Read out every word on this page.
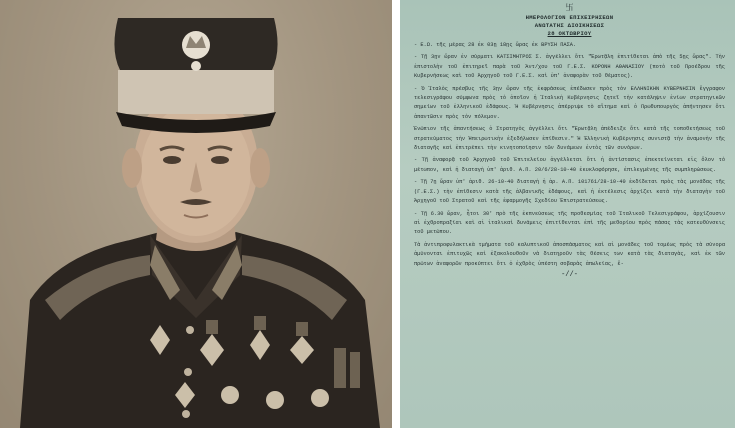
卐
ΗΜΕΡΟΛΟΓΙΟΝ ΕΠΙΧΕΙΡΗΣΕΩΝ
ΑΝΩΤΑΤΗΣ ΔΙΟΙΚΗΣΕΩΣ
28 ΟΚΤΩΒΡΙΟΥ

- Ε.Ω. τῆς μέρας 28 ἐκ 03ῃ 18ῃς ὥρας ἐκ ΒΡΥΣΗ ΠΑΣΑ.

- Τῇ 3ῃν ὥραν ἐν σύρματι ΚΑΤΣΙΜΗΤΡΟΣ Σ. ἀγγέλλει ὅτι "Ἐρωτᾷλη ἐπιτίθεται ἀπὸ τῆς 5ῃς ὥρας". Τὴν ἐπιστολὴν τοῦ ἐπιτηρεῖ παρὰ τοῦ Ἀντ/χου τοῦ Γ.Ε.Σ. ΚΟΡΟΝΗ ΑΘΑΝΑΣΙΟΥ (ποτὸ τοῦ Προέδρου τῆς Κυβερνήσεως καὶ τοῦ Ἀρχηγοῦ τοῦ Γ.Ε.Σ. καὶ ὑπ' ἀναφορὰν τοῦ θέματος).

- Ὁ Ἰταλὸς πρέσβυς τῆς 3ῃν ὥραν τῆς ἐκφράσεως ἐπέδωσεν πρὸς τὸν ΕΛΛΗΝΙΚΗΝ ΚΥΒΕΡΝΗΣΙΝ ἔγγραφον τελεσιγράφου σύμφωνα πρὸς τὸ ὁποῖον ἡ Ἰταλικὴ Κυβέρνησις ζητεῖ τὴν κατάληψιν ἐνίων στρατηγικῶν σημείων τοῦ ἑλληνικοῦ ἐδάφους. Ἡ Κυβέρνησις ἀπέρριψε τὸ αἴτημα καὶ ὁ Πρωθυπουργὸς ἀπήντησεν ὅτι ἀπαντῶσιν πρὸς τὸν πόλεμον.

Ἐνώπιον τῆς ἀπαντήσεως ὁ Στρατηγὸς ἀγγέλλει ὅτι "Ἐρωτᾷλη ἀπέδειξε ὅτι κατὰ τῆς τοποθετήσεως τοῦ στρατεύματος τὴν Ἠπειρωτικὴν ἐξεδήλωσεν ἐπίθεσιν." Ἡ Ἑλληνικὴ Κυβέρνησις συνιστᾷ τὴν ἀναμονὴν τῆς διαταγῆς καὶ ἐπιτρέπει τὴν κινητοποίησιν τῶν δυνάμεων ἐντὸς τῶν συνόρων.

- Τῇ ἀναφορᾷ τοῦ Ἀρχηγοῦ τοῦ Ἐπιτελείου ἀγγέλλεται ὅτι ἡ ἀντίστασις ἐπεκτείνεται εἰς ὅλον τὸ μέτωπον, καὶ ἡ διαταγὴ ὑπ' ἀριθ. Α.Π. 20/6/28-10-40 ἐκυκλοφόρησε, ἐπιλεγμένης τῆς συμπληρώσεως.

- Τῇ 7ῃ ὥραν ὑπ' ἀριθ. 26-10-40 διαταγὴ ἡ ἀρ. Α.Π. 101761/28-10-40 ἐκδίδεται πρὸς τὰς μονάδας τῆς (Γ.Ε.Σ.) τὴν ἐπίθεσιν κατὰ τῆς ἀλβανικῆς ἐδάφους, καὶ ἡ ἐκτέλεσις ἀρχίζει κατὰ τὴν διαταγὴν τοῦ Ἀρχηγοῦ τοῦ Στρατοῦ καὶ τῆς ἐφαρμογῆς Σχεδίου Ἐπιστρατεύσεως.

- Τῇ 6.30 ὥραν, ἧτοι 30' πρὸ τῆς ἐκπνεύσεως τῆς προθεσμίας τοῦ Ἰταλικοῦ Τελεσιγράφου, ἀρχίζουσιν αἱ ἐχθροπραξίαι καὶ αἱ ἰταλικαὶ δυνάμεις ἐπιτίθενται ἐπὶ τῆς μεθορίου πρὸς πάσας τὰς κατευθύνσεις τοῦ μετώπου.

Τὰ ἀντιπροφυλακτικὰ τμήματα τοῦ καλυπτικοῦ ἀποσπάσματος καὶ αἱ μονάδες τοῦ τομέως πρὸς τὰ σύνορα ἀμύνονται ἐπιτυχῶς καὶ ἐξακολουθοῦν νὰ διατηροῦν τὰς θέσεις των κατὰ τὰς διαταγὰς, καὶ ἐκ τῶν πρώτων ἀναφορῶν προκύπτει ὅτι ὁ ἐχθρὸς ὑπέστη σοβαρὰς ἀπωλείας, ἔ-

-//-
